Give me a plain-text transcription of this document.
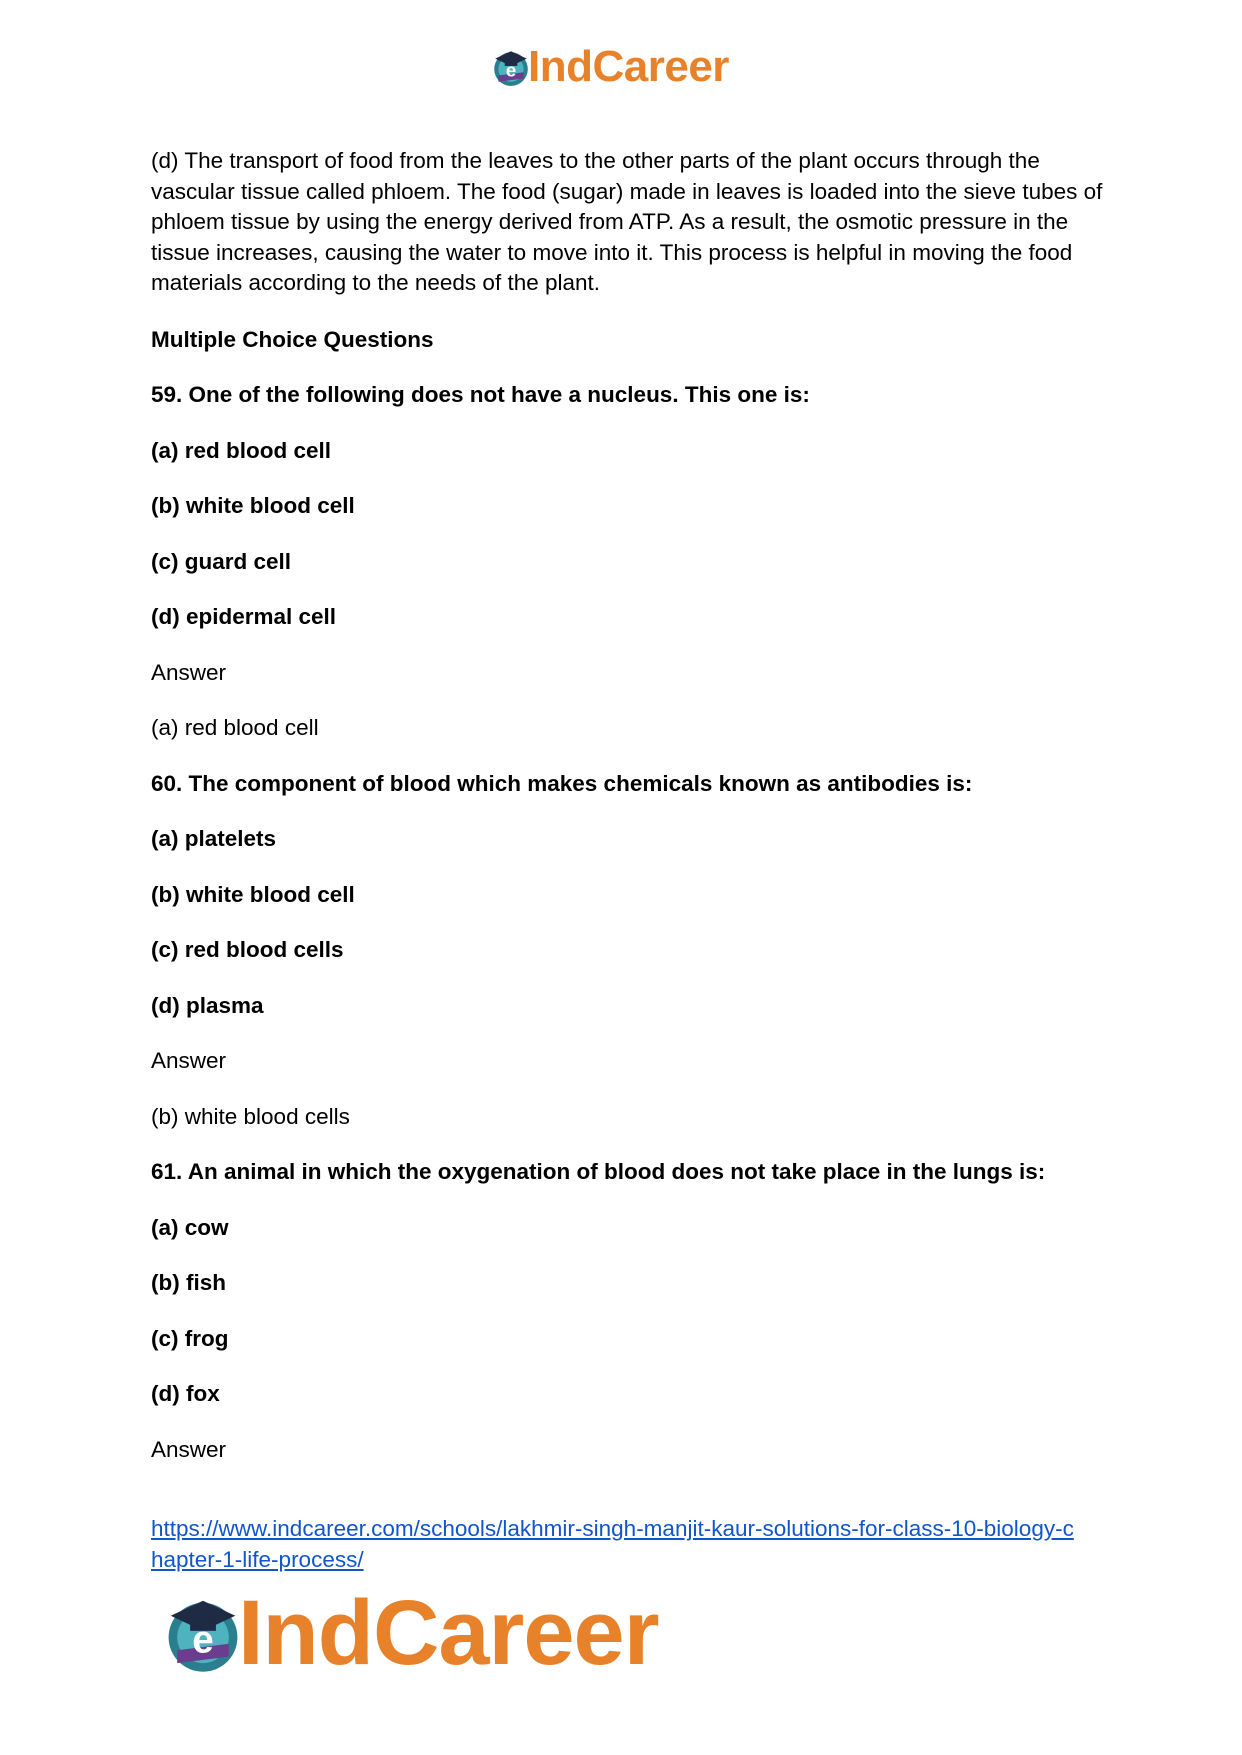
e IndCareer

(d) The transport of food from the leaves to the other parts of the plant occurs through the vascular tissue called phloem. The food (sugar) made in leaves is loaded into the sieve tubes of phloem tissue by using the energy derived from ATP. As a result, the osmotic pressure in the tissue increases, causing the water to move into it. This process is helpful in moving the food materials according to the needs of the plant.

Multiple Choice Questions

59. One of the following does not have a nucleus. This one is:

(a) red blood cell

(b) white blood cell

(c) guard cell

(d) epidermal cell

Answer

(a) red blood cell

60. The component of blood which makes chemicals known as antibodies is:

(a) platelets

(b) white blood cell

(c) red blood cells

(d) plasma

Answer

(b) white blood cells

61. An animal in which the oxygenation of blood does not take place in the lungs is:

(a) cow

(b) fish

(c) frog

(d) fox

Answer

https://www.indcareer.com/schools/lakhmir-singh-manjit-kaur-solutions-for-class-10-biology-c
hapter-1-life-process/
e IndCareer
